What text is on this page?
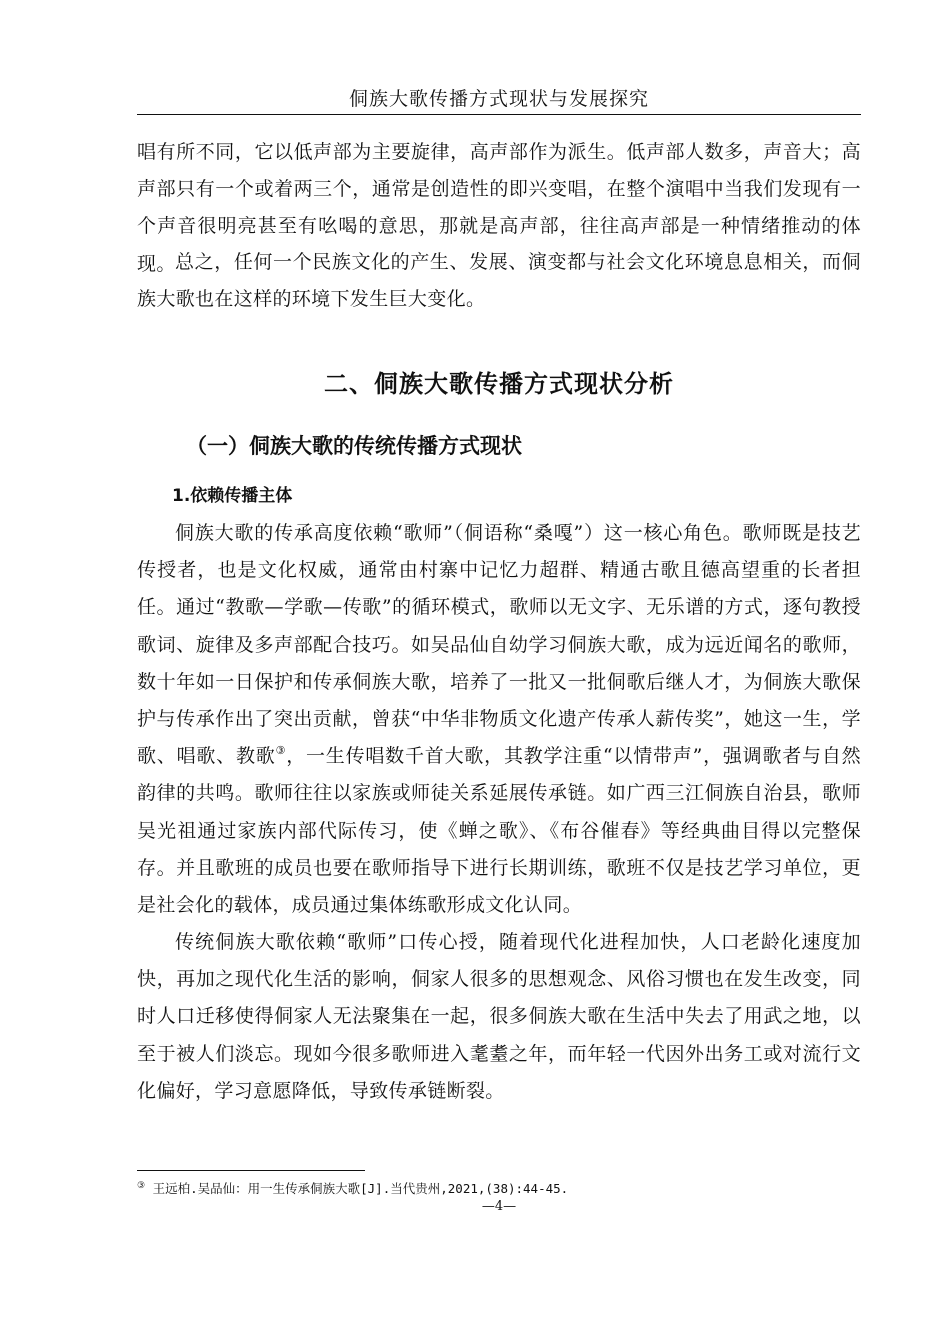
侗族大歌传播方式现状与发展探究

唱有所不同，它以低声部为主要旋律，高声部作为派生。低声部人数多，声音大；高声部只有一个或着两三个，通常是创造性的即兴变唱，在整个演唱中当我们发现有一个声音很明亮甚至有吆喝的意思，那就是高声部，往往高声部是一种情绪推动的体现。 总之，任何一个民族文化的产生、发展、演变都与社会文化环境息息相关，而侗族大歌也在这样的环境下发生巨大变化。

二、侗族大歌传播方式现状分析
（一）侗族大歌的传统传播方式现状
1.依赖传播主体

侗族大歌的传承高度依赖“歌师”（侗语称“桑嘎”）这一核心角色。歌师既是技艺传授者，也是文化权威，通常由村寨中记忆力超群、精通古歌且德高望重的长者担任。通过“教歌—学歌—传歌”的循环模式，歌师以无文字、无乐谱的方式，逐句教授歌词、旋律及多声部配合技巧。如吴品仙自幼学习侗族大歌，成为远近闻名的歌师，数十年如一日保护和传承侗族大歌，培养了一批又一批侗歌后继人才，为侗族大歌保护与传承作出了突出贡献，曾获“中华非物质文化遗产传承人薪传奖”，她这一生，学歌、唱歌、教歌③，一生传唱数千首大歌，其教学注重“以情带声”，强调歌者与自然韵律的共鸣。歌师往往以家族或师徒关系延展传承链。如广西三江侗族自治县，歌师吴光祖通过家族内部代际传习，使《蝉之歌》、《布谷催春》等经典曲目得以完整保存。并且歌班的成员也要在歌师指导下进行长期训练，歌班不仅是技艺学习单位，更是社会化的载体，成员通过集体练歌形成文化认同。

传统侗族大歌依赖“歌师”口传心授，随着现代化进程加快，人口老龄化速度加快，再加之现代化生活的影响，侗家人很多的思想观念、风俗习惯也在发生改变，同时人口迁移使得侗家人无法聚集在一起，很多侗族大歌在生活中失去了用武之地，以至于被人们淡忘。现如今很多歌师进入耄耋之年，而年轻一代因外出务工或对流行文化偏好，学习意愿降低，导致传承链断裂。

③ 王远柏.吴品仙：用一生传承侗族大歌[J].当代贵州,2021,(38):44-45.
—4—
